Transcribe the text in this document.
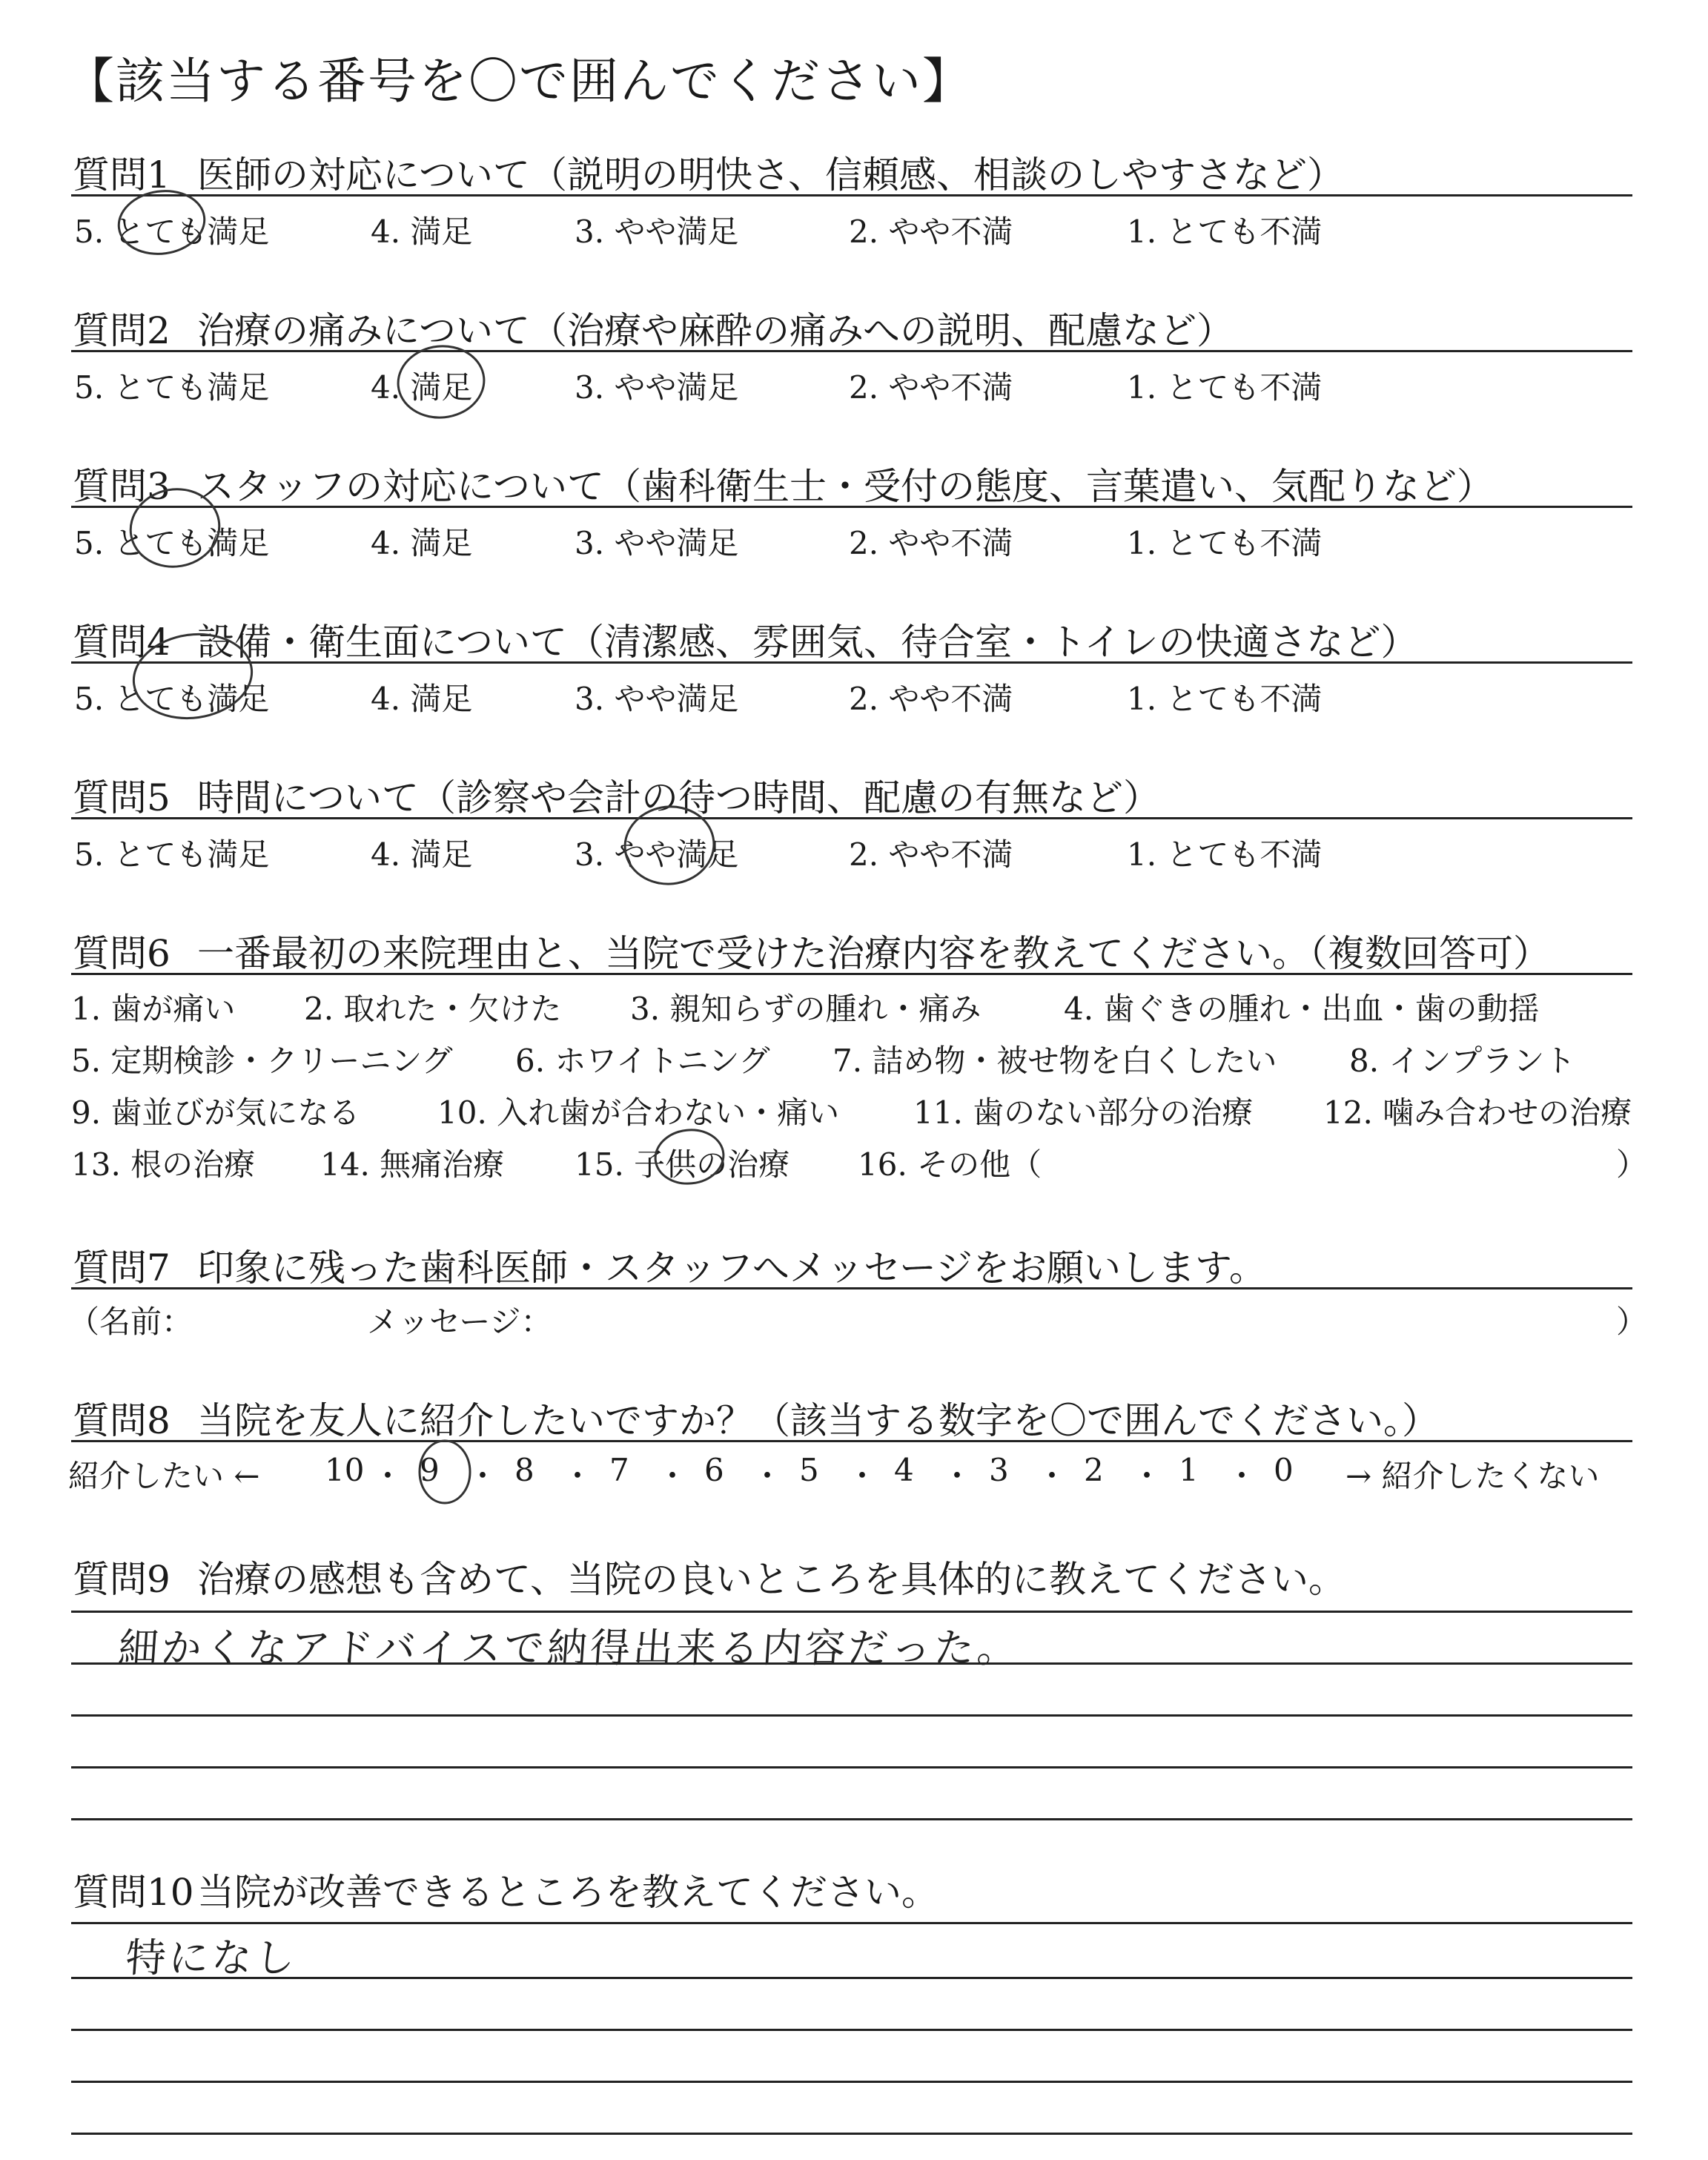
【該当する番号を〇で囲んでください】
質問1 医師の対応について（説明の明快さ、信頼感、相談のしやすさなど）
5. とても満足	4. 満足	3. やや満足	2. やや不満	1. とても不満
質問2 治療の痛みについて（治療や麻酔の痛みへの説明、配慮など）
5. とても満足	4. 満足	3. やや満足	2. やや不満	1. とても不満
質問3 スタッフの対応について（歯科衛生士・受付の態度、言葉遣い、気配りなど）
5. とても満足	4. 満足	3. やや満足	2. やや不満	1. とても不満
質問4 設備・衛生面について（清潔感、雰囲気、待合室・トイレの快適さなど）
5. とても満足	4. 満足	3. やや満足	2. やや不満	1. とても不満
質問5 時間について（診察や会計の待つ時間、配慮の有無など）
5. とても満足	4. 満足	3. やや満足	2. やや不満	1. とても不満
質問6 一番最初の来院理由と、当院で受けた治療内容を教えてください。（複数回答可）
1. 歯が痛い 2. 取れた・欠けた 3. 親知らずの腫れ・痛み	4. 歯ぐきの腫れ・出血・歯の動揺
5. 定期検診・クリーニング 6. ホワイトニング 7. 詰め物・被せ物を白くしたい 8. インプラント
9. 歯並びが気になる 10. 入れ歯が合わない・痛い 11. 歯のない部分の治療 12. 噛み合わせの治療
13. 根の治療 14. 無痛治療 15. 子供の治療 16. その他（	）
質問7 印象に残った歯科医師・スタッフへメッセージをお願いします。
（名前：	メッセージ：	）
質問8 当院を友人に紹介したいですか？（該当する数字を〇で囲んでください。）
紹介したい ← 10 ・ 9 ・ 8 ・ 7 ・ 6 ・ 5 ・ 4 ・ 3 ・ 2 ・ 1 ・ 0 → 紹介したくない
質問9 治療の感想も含めて、当院の良いところを具体的に教えてください。
細かくなアドバイスで納得出来る内容だった。
質問10当院が改善できるところを教えてください。
特になし
